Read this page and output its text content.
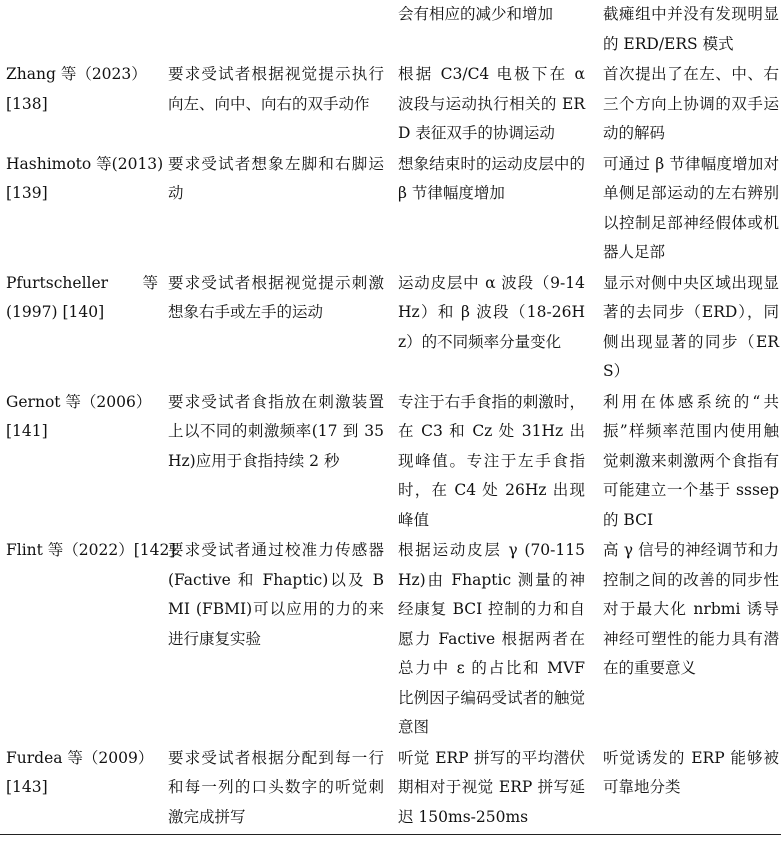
		会有相应的减少和增加	截瘫组中并没有发现明显的 ERD/ERS 模式
Zhang 等（2023）
[138]	要求受试者根据视觉提示执行向左、向中、向右的双手动作	根据 C3/C4 电极下在 α 波段与运动执行相关的 ERD 表征双手的协调运动	首次提出了在左、中、右三个方向上协调的双手运动的解码
Hashimoto 等(2013)
[139]	要求受试者想象左脚和右脚运动	想象结束时的运动皮层中的 β 节律幅度增加	可通过 β 节律幅度增加对单侧足部运动的左右辨别以控制足部神经假体或机器人足部

Pfurtscheller 等
(1997) [140]	要求受试者根据视觉提示刺激想象右手或左手的运动	运动皮层中 α 波段（9-14Hz）和 β 波段（18-26Hz）的不同频率分量变化	显示对侧中央区域出现显著的去同步（ERD），同侧出现显著的同步（ERS）
Gernot 等（2006）
[141]	要求受试者食指放在刺激装置上以不同的刺激频率(17 到 35Hz)应用于食指持续 2 秒	专注于右手食指的刺激时，在 C3 和 Cz 处 31Hz 出现峰值。专注于左手食指时，在 C4 处 26Hz 出现峰值	利用在体感系统的“共振”样频率范围内使用触觉刺激来刺激两个食指有可能建立一个基于 sssep 的 BCI
Flint 等（2022）[142]	要求受试者通过校准力传感器(Factive 和 Fhaptic)以及 BMI (FBMI)可以应用的力的来进行康复实验	根据运动皮层 γ (70-115 Hz)由 Fhaptic 测量的神经康复 BCI 控制的力和自愿力 Factive 根据两者在总力中 ε 的占比和 MVF 比例因子编码受试者的触觉意图	高 γ 信号的神经调节和力控制之间的改善的同步性对于最大化 nrbmi 诱导神经可塑性的能力具有潜在的重要意义
Furdea 等（2009）
[143]	要求受试者根据分配到每一行和每一列的口头数字的听觉刺激完成拼写	听觉 ERP 拼写的平均潜伏期相对于视觉 ERP 拼写延迟 150ms-250ms	听觉诱发的 ERP 能够被可靠地分类
